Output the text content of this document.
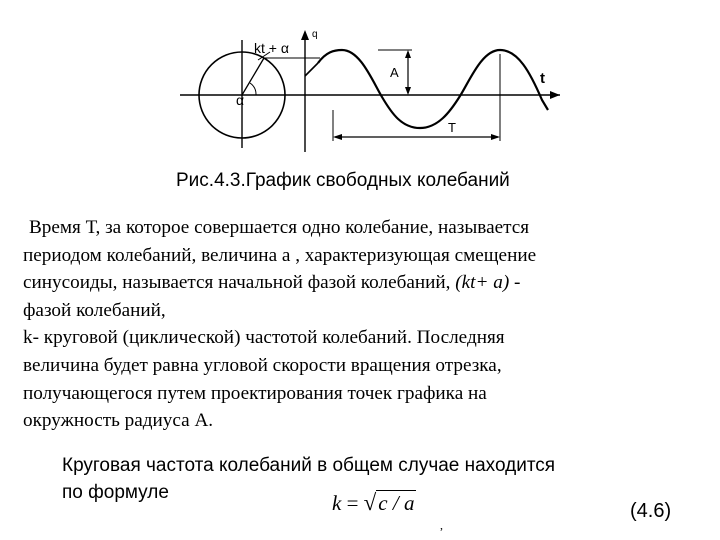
kt + α
α
q
A	t
T
Рис.4.3.График свободных колебаний

Время Т, за которое совершается одно колебание, называется
периодом колебаний, величина а , характеризующая смещение
синусоиды, называется начальной фазой колебаний, (kt+ a) -
фазой колебаний,
k- круговой (циклической) частотой колебаний. Последняя
величина будет равна угловой скорости вращения отрезка,
получающегося путем проектирования точек графика на
окружность радиуса А.

Круговая частота колебаний в общем случае находится
по формуле	k = √c / a
,
(4.6)
